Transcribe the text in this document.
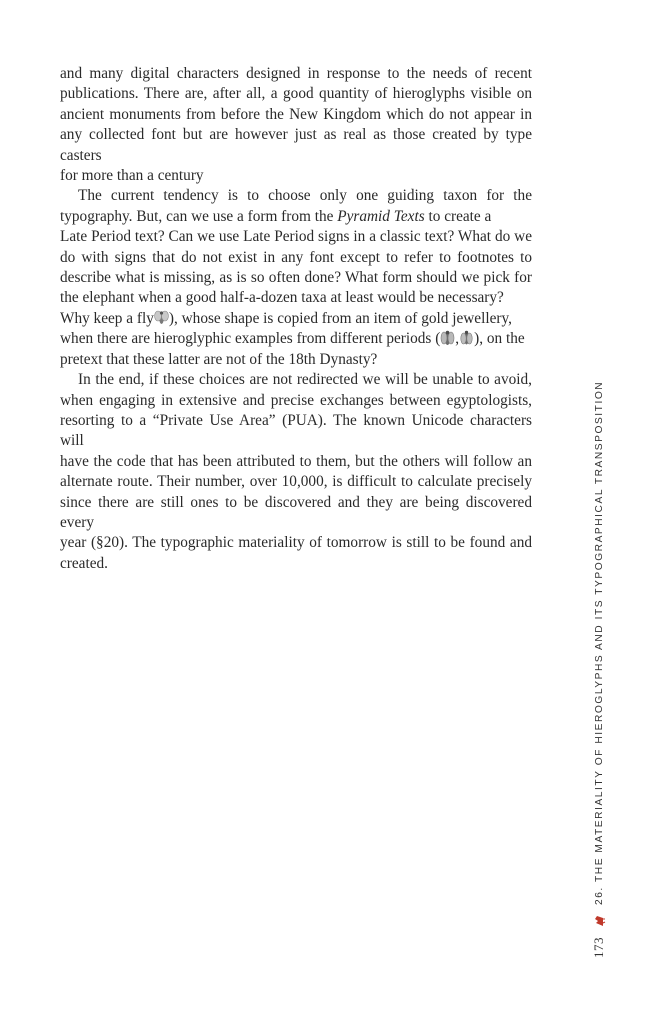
and many digital characters designed in response to the needs of recent
publications. There are, after all, a good quantity of hieroglyphs visible on
ancient monuments from before the New Kingdom which do not appear in
any collected font but are however just as real as those created by type casters
for more than a century

The current tendency is to choose only one guiding taxon for the
typography. But, can we use a form from the Pyramid Texts to create a
Late Period text? Can we use Late Period signs in a classic text? What do we
do with signs that do not exist in any font except to refer to footnotes to
describe what is missing, as is so often done? What form should we pick for
the elephant when a good half-a-dozen taxa at least would be necessary?
Why keep a fly ), whose shape is copied from an item of gold jewellery,
when there are hieroglyphic examples from different periods ( , ), on the
pretext that these latter are not of the 18th Dynasty?

In the end, if these choices are not redirected we will be unable to avoid,
when engaging in extensive and precise exchanges between egyptologists,
resorting to a “Private Use Area” (PUA). The known Unicode characters will
have the code that has been attributed to them, but the others will follow an
alternate route. Their number, over 10,000, is difficult to calculate precisely
since there are still ones to be discovered and they are being discovered every
year (§20). The typographic materiality of tomorrow is still to be found and
created.

173
26. THE MATERIALITY OF HIEROGLYPHS AND ITS TYPOGRAPHICAL TRANSPOSITION
